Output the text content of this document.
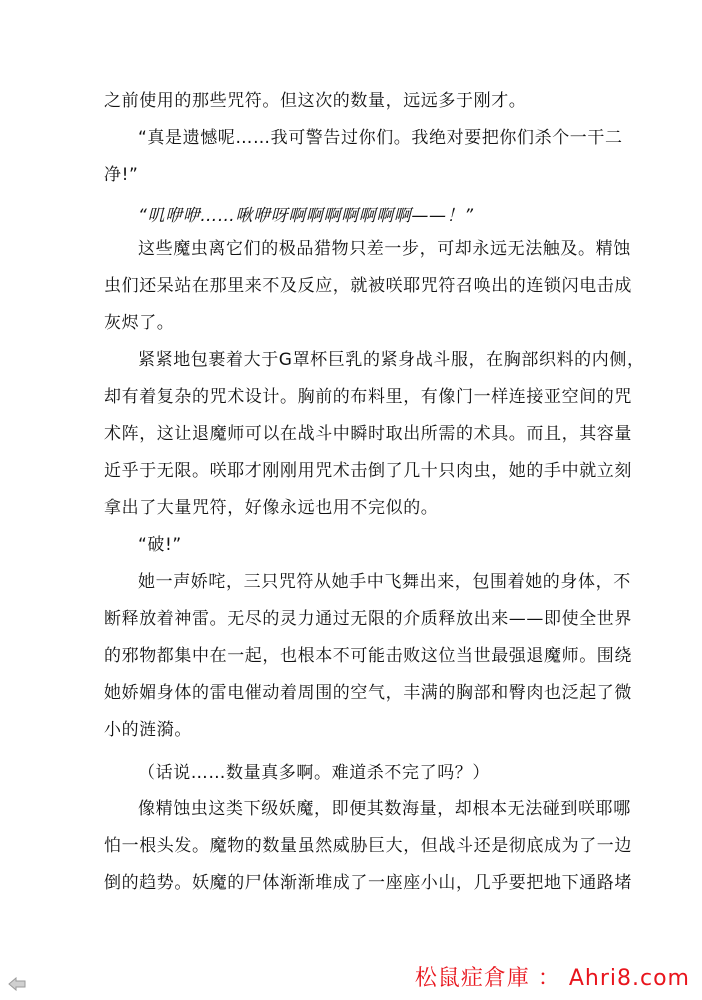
之前使用的那些咒符。但这次的数量，远远多于刚才。
“真是遗憾呢……我可警告过你们。我绝对要把你们杀个一干二
净!”
“叽咿咿……啾咿呀啊啊啊啊啊啊啊——！”
这些魔虫离它们的极品猎物只差一步，可却永远无法触及。精蚀
虫们还呆站在那里来不及反应，就被咲耶咒符召唤出的连锁闪电击成
灰烬了。
紧紧地包裹着大于G罩杯巨乳的紧身战斗服，在胸部织料的内侧，
却有着复杂的咒术设计。胸前的布料里，有像门一样连接亚空间的咒
术阵，这让退魔师可以在战斗中瞬时取出所需的术具。而且，其容量
近乎于无限。咲耶才刚刚用咒术击倒了几十只肉虫，她的手中就立刻
拿出了大量咒符，好像永远也用不完似的。
“破!”
她一声娇咤，三只咒符从她手中飞舞出来，包围着她的身体，不
断释放着神雷。无尽的灵力通过无限的介质释放出来——即使全世界
的邪物都集中在一起，也根本不可能击败这位当世最强退魔师。围绕
她娇媚身体的雷电催动着周围的空气，丰满的胸部和臀肉也泛起了微
小的涟漪。
（话说……数量真多啊。难道杀不完了吗？）
像精蚀虫这类下级妖魔，即便其数海量，却根本无法碰到咲耶哪
怕一根头发。魔物的数量虽然威胁巨大，但战斗还是彻底成为了一边
倒的趋势。妖魔的尸体渐渐堆成了一座座小山，几乎要把地下通路堵
松鼠症倉庫 ： Ahri8.com
